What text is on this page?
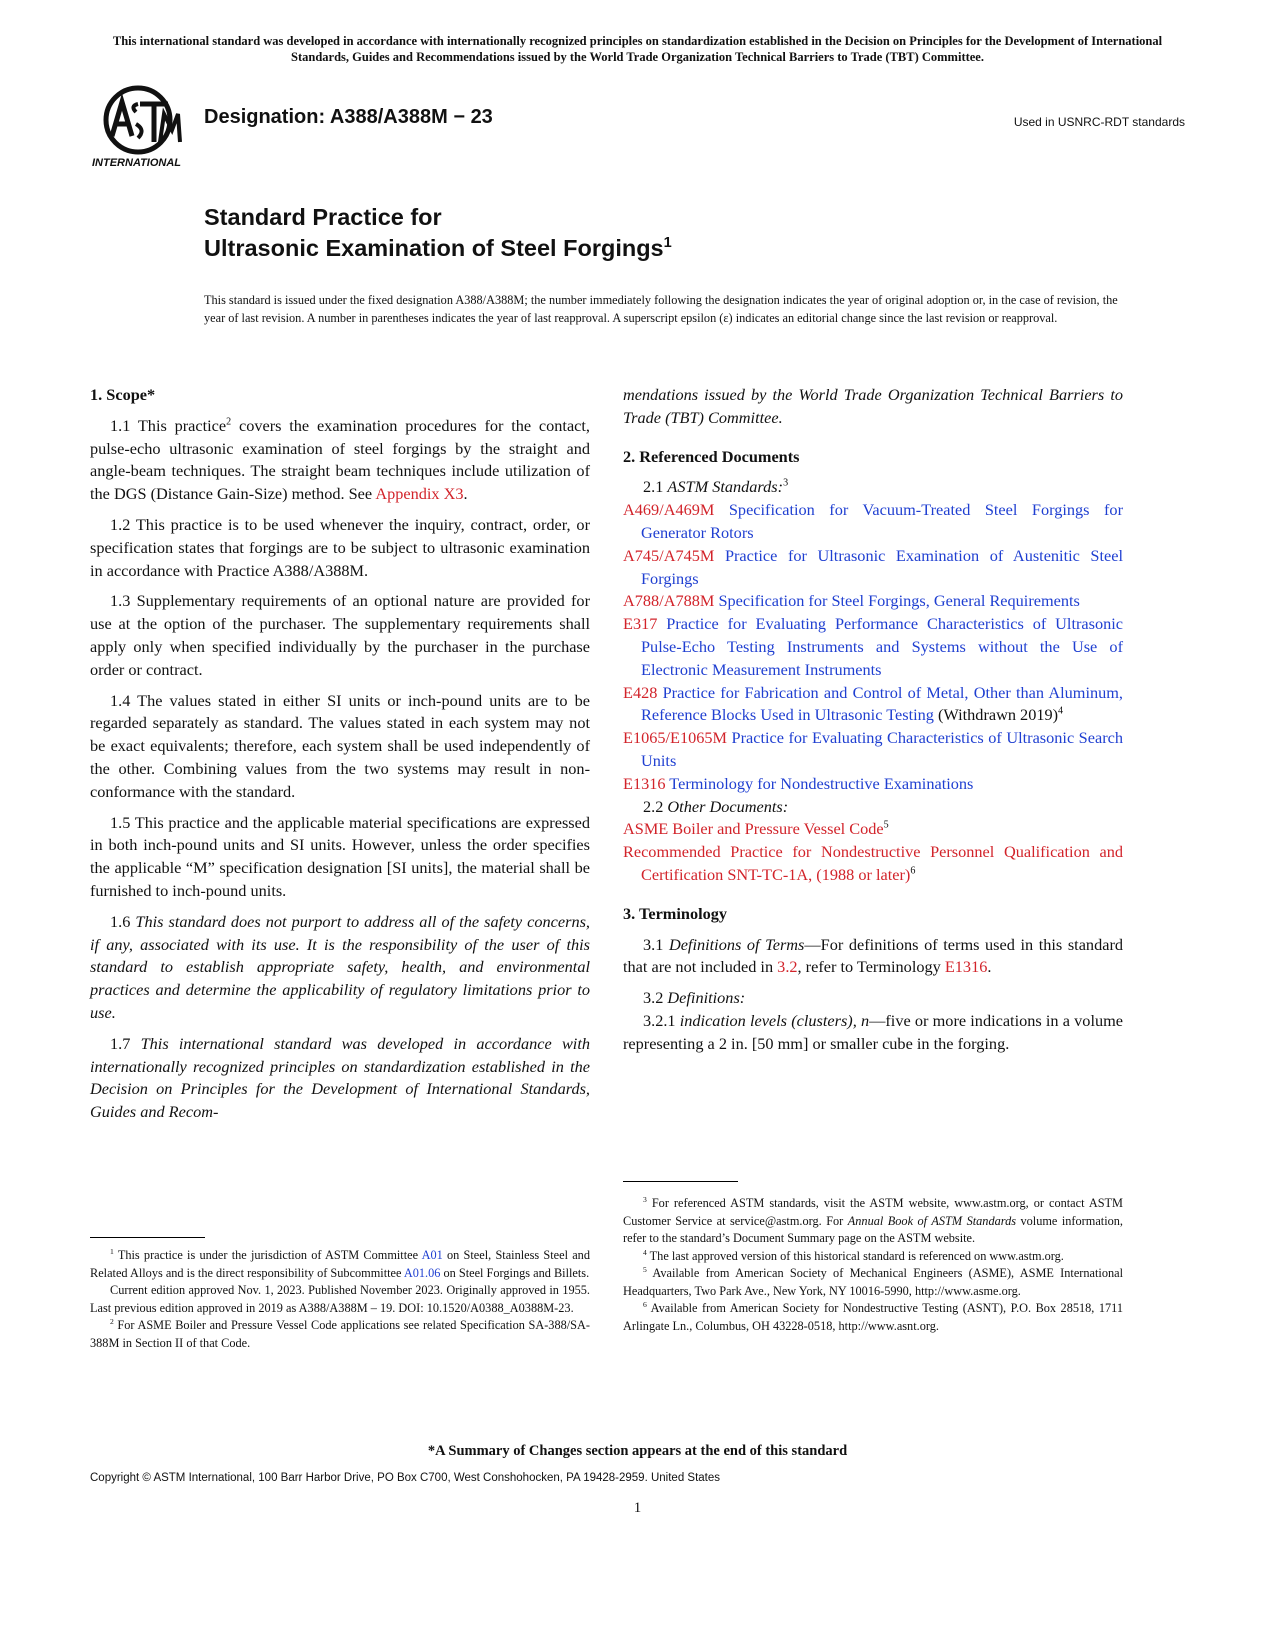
This international standard was developed in accordance with internationally recognized principles on standardization established in the Decision on Principles for the Development of International Standards, Guides and Recommendations issued by the World Trade Organization Technical Barriers to Trade (TBT) Committee.
INTERNATIONAL
Designation: A388/A388M − 23	Used in USNRC-RDT standards
Standard Practice for
Ultrasonic Examination of Steel Forgings$^1$
This standard is issued under the fixed designation A388/A388M; the number immediately following the designation indicates the year of original adoption or, in the case of revision, the year of last revision. A number in parentheses indicates the year of last reapproval. A superscript epsilon (ε) indicates an editorial change since the last revision or reapproval.
1. Scope*

1.1 This practice$^2$ covers the examination procedures for the contact, pulse-echo ultrasonic examination of steel forgings by the straight and angle-beam techniques. The straight beam techniques include utilization of the DGS (Distance Gain-Size) method. See Appendix X3.

1.2 This practice is to be used whenever the inquiry, contract, order, or specification states that forgings are to be subject to ultrasonic examination in accordance with Practice A388/A388M.

1.3 Supplementary requirements of an optional nature are provided for use at the option of the purchaser. The supplementary requirements shall apply only when specified individually by the purchaser in the purchase order or contract.

1.4 The values stated in either SI units or inch-pound units are to be regarded separately as standard. The values stated in each system may not be exact equivalents; therefore, each system shall be used independently of the other. Combining values from the two systems may result in non-conformance with the standard.

1.5 This practice and the applicable material specifications are expressed in both inch-pound units and SI units. However, unless the order specifies the applicable “M” specification designation [SI units], the material shall be furnished to inch-pound units.

1.6 This standard does not purport to address all of the safety concerns, if any, associated with its use. It is the responsibility of the user of this standard to establish appropriate safety, health, and environmental practices and determine the applicability of regulatory limitations prior to use.

1.7 This international standard was developed in accordance with internationally recognized principles on standardization established in the Decision on Principles for the Development of International Standards, Guides and Recom-

$^1$ This practice is under the jurisdiction of ASTM Committee A01 on Steel, Stainless Steel and Related Alloys and is the direct responsibility of Subcommittee A01.06 on Steel Forgings and Billets.

Current edition approved Nov. 1, 2023. Published November 2023. Originally approved in 1955. Last previous edition approved in 2019 as A388/A388M – 19. DOI: 10.1520/A0388_A0388M-23.

$^2$ For ASME Boiler and Pressure Vessel Code applications see related Specification SA-388/SA-388M in Section II of that Code.

mendations issued by the World Trade Organization Technical Barriers to Trade (TBT) Committee.

2. Referenced Documents

2.1 ASTM Standards:$^3$

A469/A469M Specification for Vacuum-Treated Steel Forgings for Generator Rotors

A745/A745M Practice for Ultrasonic Examination of Austenitic Steel Forgings

A788/A788M Specification for Steel Forgings, General Requirements

E317 Practice for Evaluating Performance Characteristics of Ultrasonic Pulse-Echo Testing Instruments and Systems without the Use of Electronic Measurement Instruments

E428 Practice for Fabrication and Control of Metal, Other than Aluminum, Reference Blocks Used in Ultrasonic Testing (Withdrawn 2019)$^4$

E1065/E1065M Practice for Evaluating Characteristics of Ultrasonic Search Units

E1316 Terminology for Nondestructive Examinations

2.2 Other Documents:

ASME Boiler and Pressure Vessel Code$^5$

Recommended Practice for Nondestructive Personnel Qualification and Certification SNT-TC-1A, (1988 or later)$^6$

3. Terminology

3.1 Definitions of Terms—For definitions of terms used in this standard that are not included in 3.2, refer to Terminology E1316.

3.2 Definitions:

3.2.1 indication levels (clusters), n—five or more indications in a volume representing a 2 in. [50 mm] or smaller cube in the forging.

$^3$ For referenced ASTM standards, visit the ASTM website, www.astm.org, or contact ASTM Customer Service at service@astm.org. For Annual Book of ASTM Standards volume information, refer to the standard’s Document Summary page on the ASTM website.

$^4$ The last approved version of this historical standard is referenced on www.astm.org.

$^5$ Available from American Society of Mechanical Engineers (ASME), ASME International Headquarters, Two Park Ave., New York, NY 10016-5990, http://www.asme.org.

$^6$ Available from American Society for Nondestructive Testing (ASNT), P.O. Box 28518, 1711 Arlingate Ln., Columbus, OH 43228-0518, http://www.asnt.org.

*A Summary of Changes section appears at the end of this standard
Copyright © ASTM International, 100 Barr Harbor Drive, PO Box C700, West Conshohocken, PA 19428-2959. United States
1
